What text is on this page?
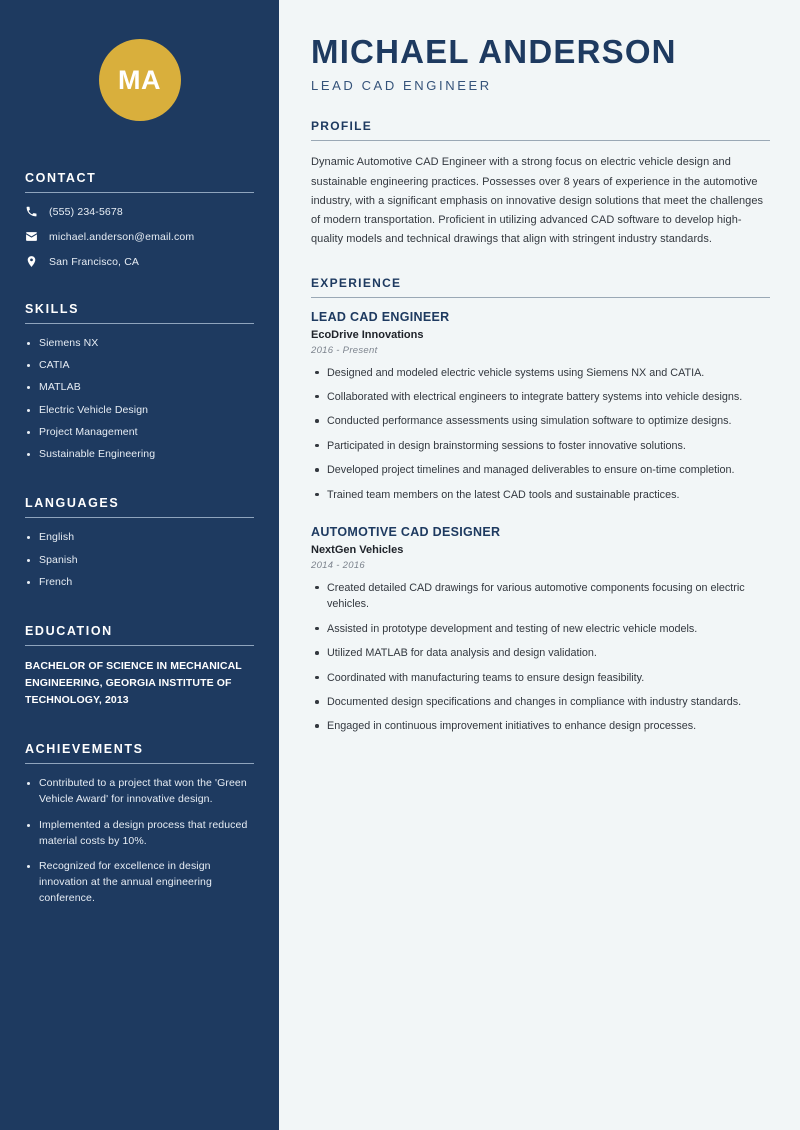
MA
CONTACT
(555) 234-5678
michael.anderson@email.com
San Francisco, CA
SKILLS
Siemens NX
CATIA
MATLAB
Electric Vehicle Design
Project Management
Sustainable Engineering
LANGUAGES
English
Spanish
French
EDUCATION
BACHELOR OF SCIENCE IN MECHANICAL ENGINEERING, GEORGIA INSTITUTE OF TECHNOLOGY, 2013
ACHIEVEMENTS
Contributed to a project that won the 'Green Vehicle Award' for innovative design.
Implemented a design process that reduced material costs by 10%.
Recognized for excellence in design innovation at the annual engineering conference.
MICHAEL ANDERSON
LEAD CAD ENGINEER
PROFILE

Dynamic Automotive CAD Engineer with a strong focus on electric vehicle design and sustainable engineering practices. Possesses over 8 years of experience in the automotive industry, with a significant emphasis on innovative design solutions that meet the challenges of modern transportation. Proficient in utilizing advanced CAD software to develop high-quality models and technical drawings that align with stringent industry standards.

EXPERIENCE
LEAD CAD ENGINEER
EcoDrive Innovations
2016 - Present
Designed and modeled electric vehicle systems using Siemens NX and CATIA.
Collaborated with electrical engineers to integrate battery systems into vehicle designs.
Conducted performance assessments using simulation software to optimize designs.
Participated in design brainstorming sessions to foster innovative solutions.
Developed project timelines and managed deliverables to ensure on-time completion.
Trained team members on the latest CAD tools and sustainable practices.
AUTOMOTIVE CAD DESIGNER
NextGen Vehicles
2014 - 2016
Created detailed CAD drawings for various automotive components focusing on electric vehicles.
Assisted in prototype development and testing of new electric vehicle models.
Utilized MATLAB for data analysis and design validation.
Coordinated with manufacturing teams to ensure design feasibility.
Documented design specifications and changes in compliance with industry standards.
Engaged in continuous improvement initiatives to enhance design processes.
